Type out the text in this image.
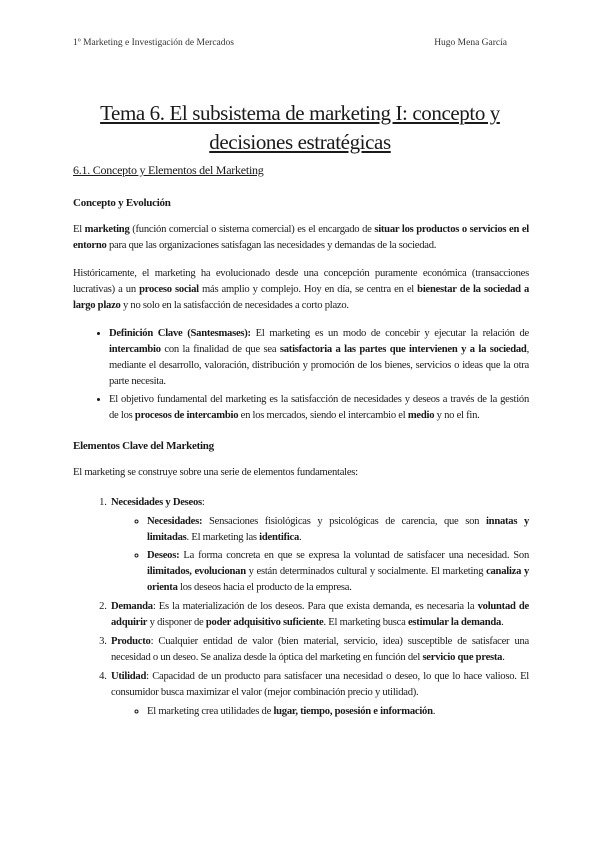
1º Marketing e Investigación de Mercados	Hugo Mena García
Tema 6. El subsistema de marketing I: concepto y
decisiones estratégicas
6.1. Concepto y Elementos del Marketing
Concepto y Evolución

El marketing (función comercial o sistema comercial) es el encargado de situar los productos o servicios en el entorno para que las organizaciones satisfagan las necesidades y demandas de la sociedad.

Históricamente, el marketing ha evolucionado desde una concepción puramente económica (transacciones lucrativas) a un proceso social más amplio y complejo. Hoy en día, se centra en el bienestar de la sociedad a largo plazo y no solo en la satisfacción de necesidades a corto plazo.

• Definición Clave (Santesmases): El marketing es un modo de concebir y ejecutar la relación de intercambio con la finalidad de que sea satisfactoria a las partes que intervienen y a la sociedad, mediante el desarrollo, valoración, distribución y promoción de los bienes, servicios o ideas que la otra parte necesita.
• El objetivo fundamental del marketing es la satisfacción de necesidades y deseos a través de la gestión de los procesos de intercambio en los mercados, siendo el intercambio el medio y no el fin.
Elementos Clave del Marketing

El marketing se construye sobre una serie de elementos fundamentales:

1. Necesidades y Deseos:
◦ Necesidades: Sensaciones fisiológicas y psicológicas de carencia, que son innatas y limitadas. El marketing las identifica.
◦ Deseos: La forma concreta en que se expresa la voluntad de satisfacer una necesidad. Son ilimitados, evolucionan y están determinados cultural y socialmente. El marketing canaliza y orienta los deseos hacia el producto de la empresa.
2. Demanda: Es la materialización de los deseos. Para que exista demanda, es necesaria la voluntad de adquirir y disponer de poder adquisitivo suficiente. El marketing busca estimular la demanda.
3. Producto: Cualquier entidad de valor (bien material, servicio, idea) susceptible de satisfacer una necesidad o un deseo. Se analiza desde la óptica del marketing en función del servicio que presta.
4. Utilidad: Capacidad de un producto para satisfacer una necesidad o deseo, lo que lo hace valioso. El consumidor busca maximizar el valor (mejor combinación precio y utilidad).
◦ El marketing crea utilidades de lugar, tiempo, posesión e información.
